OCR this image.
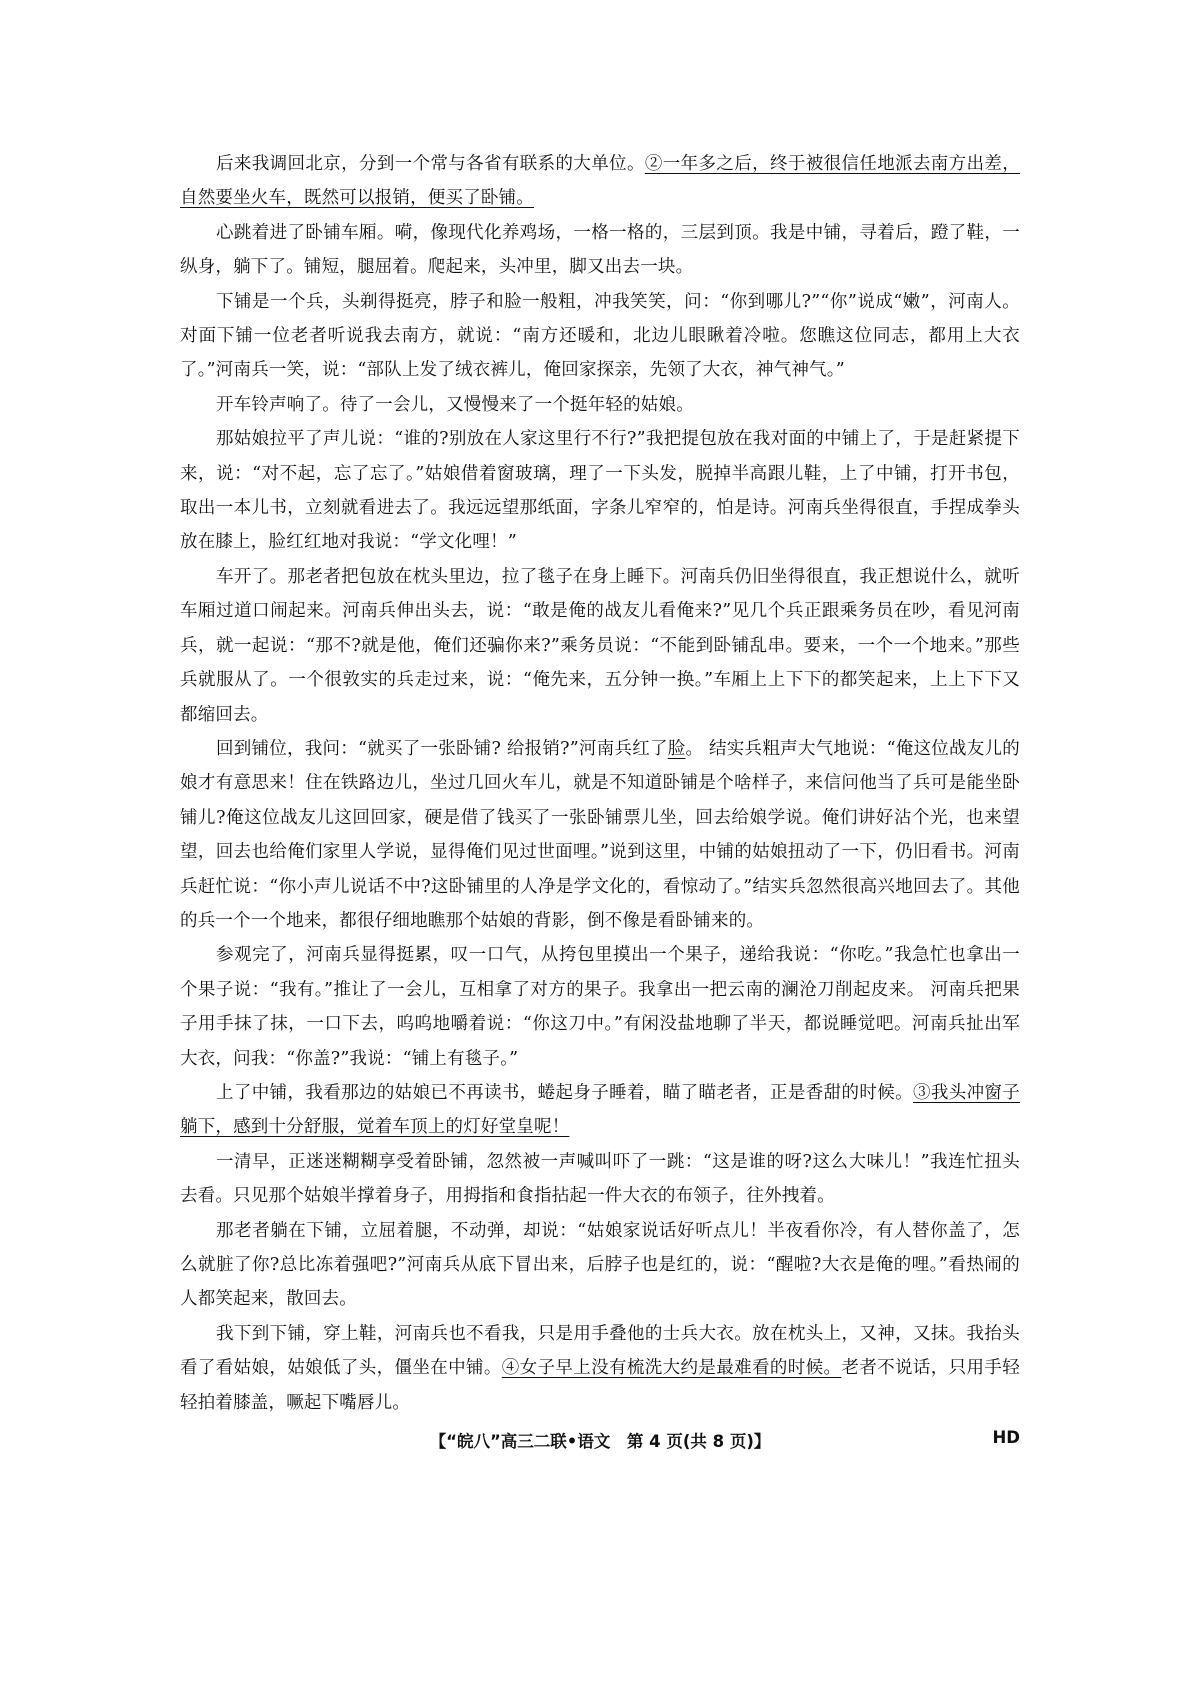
后来我调回北京，分到一个常与各省有联系的大单位。②一年多之后，终于被很信任地派去南方出差，自然要坐火车，既然可以报销，便买了卧铺。

心跳着进了卧铺车厢。嗬，像现代化养鸡场，一格一格的，三层到顶。我是中铺，寻着后，蹬了鞋，一纵身，躺下了。铺短，腿屈着。爬起来，头冲里，脚又出去一块。

下铺是一个兵，头剃得挺亮，脖子和脸一般粗，冲我笑笑，问：“你到哪儿?”“你”说成“嫩”，河南人。对面下铺一位老者听说我去南方，就说：“南方还暖和，北边儿眼瞅着冷啦。您瞧这位同志，都用上大衣了。”河南兵一笑，说：“部队上发了绒衣裤儿，俺回家探亲，先领了大衣，神气神气。”

开车铃声响了。待了一会儿，又慢慢来了一个挺年轻的姑娘。

那姑娘拉平了声儿说：“谁的?别放在人家这里行不行?”我把提包放在我对面的中铺上了，于是赶紧提下来，说：“对不起，忘了忘了。”姑娘借着窗玻璃，理了一下头发，脱掉半高跟儿鞋，上了中铺，打开书包，取出一本儿书，立刻就看进去了。我远远望那纸面，字条儿窄窄的，怕是诗。河南兵坐得很直，手捏成拳头放在膝上，脸红红地对我说：“学文化哩！”

车开了。那老者把包放在枕头里边，拉了毯子在身上睡下。河南兵仍旧坐得很直，我正想说什么，就听车厢过道口闹起来。河南兵伸出头去，说：“敢是俺的战友儿看俺来?”见几个兵正跟乘务员在吵，看见河南兵，就一起说：“那不?就是他，俺们还骗你来?”乘务员说：“不能到卧铺乱串。要来，一个一个地来。”那些兵就服从了。一个很敦实的兵走过来，说：“俺先来，五分钟一换。”车厢上上下下的都笑起来，上上下下又都缩回去。

回到铺位，我问：“就买了一张卧铺? 给报销?”河南兵红了脸。 结实兵粗声大气地说：“俺这位战友儿的娘才有意思来！住在铁路边儿，坐过几回火车儿，就是不知道卧铺是个啥样子，来信问他当了兵可是能坐卧铺儿?俺这位战友儿这回回家，硬是借了钱买了一张卧铺票儿坐，回去给娘学说。俺们讲好沾个光，也来望望，回去也给俺们家里人学说，显得俺们见过世面哩。”说到这里，中铺的姑娘扭动了一下，仍旧看书。河南兵赶忙说：“你小声儿说话不中?这卧铺里的人净是学文化的，看惊动了。”结实兵忽然很高兴地回去了。其他的兵一个一个地来，都很仔细地瞧那个姑娘的背影，倒不像是看卧铺来的。

参观完了，河南兵显得挺累，叹一口气，从挎包里摸出一个果子，递给我说：“你吃。”我急忙也拿出一个果子说：“我有。”推让了一会儿，互相拿了对方的果子。我拿出一把云南的澜沧刀削起皮来。 河南兵把果子用手抹了抹，一口下去，呜呜地嚼着说：“你这刀中。”有闲没盐地聊了半天，都说睡觉吧。河南兵扯出军大衣，问我：“你盖?”我说：“铺上有毯子。”

上了中铺，我看那边的姑娘已不再读书，蜷起身子睡着，瞄了瞄老者，正是香甜的时候。③我头冲窗子躺下，感到十分舒服，觉着车顶上的灯好堂皇呢！

一清早，正迷迷糊糊享受着卧铺，忽然被一声喊叫吓了一跳：“这是谁的呀?这么大味儿！”我连忙扭头去看。只见那个姑娘半撑着身子，用拇指和食指拈起一件大衣的布领子，往外拽着。

那老者躺在下铺，立屈着腿，不动弹，却说：“姑娘家说话好听点儿！半夜看你冷，有人替你盖了，怎么就脏了你?总比冻着强吧?”河南兵从底下冒出来，后脖子也是红的，说：“醒啦?大衣是俺的哩。”看热闹的人都笑起来，散回去。

我下到下铺，穿上鞋，河南兵也不看我，只是用手叠他的士兵大衣。放在枕头上，又神，又抹。我抬头看了看姑娘，姑娘低了头，僵坐在中铺。④女子早上没有梳洗大约是最难看的时候。老者不说话，只用手轻轻拍着膝盖，噘起下嘴唇儿。

【“皖八”高三二联•语文　第 4 页(共 8 页)】	HD
